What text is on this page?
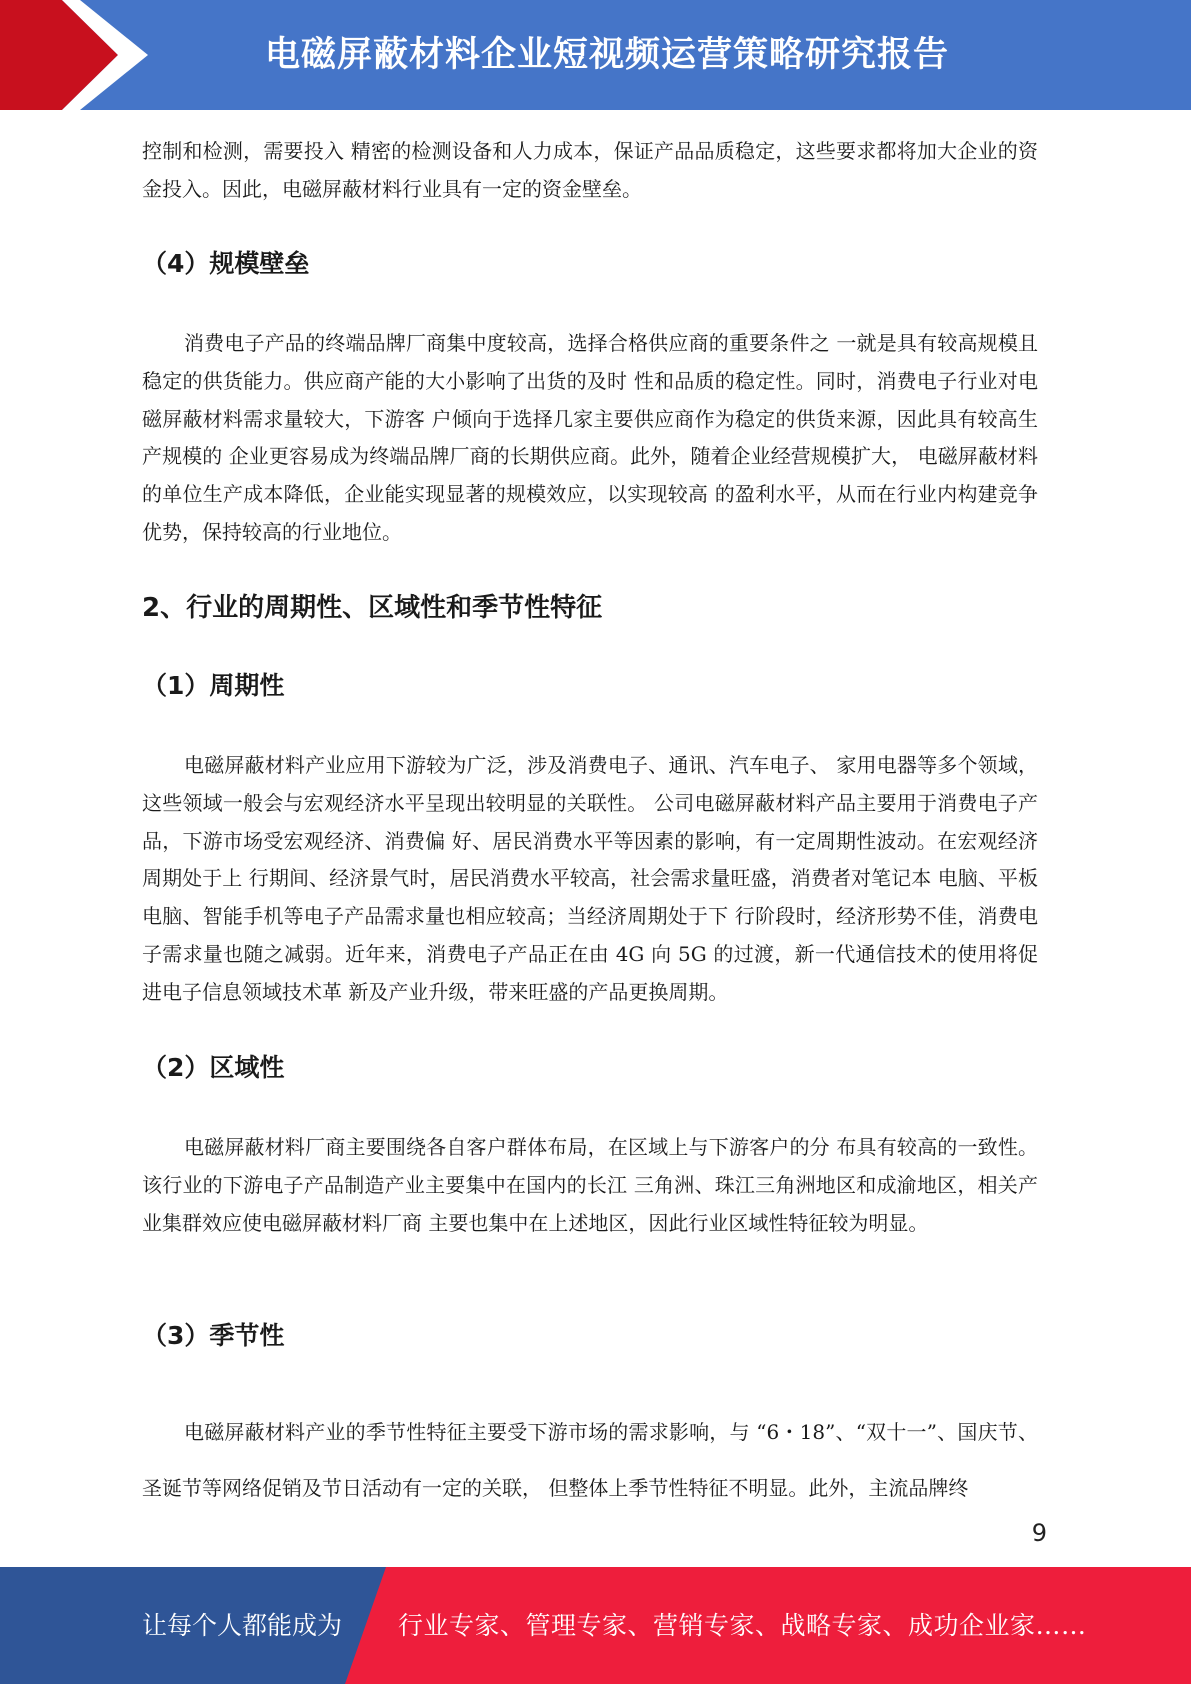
电磁屏蔽材料企业短视频运营策略研究报告

控制和检测，需要投入 精密的检测设备和人力成本，保证产品品质稳定，这些要求都将加大企业的资 金投入。因此，电磁屏蔽材料行业具有一定的资金壁垒。

（4）规模壁垒

消费电子产品的终端品牌厂商集中度较高，选择合格供应商的重要条件之 一就是具有较高规模且稳定的供货能力。供应商产能的大小影响了出货的及时 性和品质的稳定性。同时，消费电子行业对电磁屏蔽材料需求量较大，下游客 户倾向于选择几家主要供应商作为稳定的供货来源，因此具有较高生产规模的 企业更容易成为终端品牌厂商的长期供应商。此外，随着企业经营规模扩大， 电磁屏蔽材料的单位生产成本降低，企业能实现显著的规模效应，以实现较高 的盈利水平，从而在行业内构建竞争优势，保持较高的行业地位。

2、行业的周期性、区域性和季节性特征
（1）周期性

电磁屏蔽材料产业应用下游较为广泛，涉及消费电子、通讯、汽车电子、 家用电器等多个领域，这些领域一般会与宏观经济水平呈现出较明显的关联性。 公司电磁屏蔽材料产品主要用于消费电子产品，下游市场受宏观经济、消费偏 好、居民消费水平等因素的影响，有一定周期性波动。在宏观经济周期处于上 行期间、经济景气时，居民消费水平较高，社会需求量旺盛，消费者对笔记本 电脑、平板电脑、智能手机等电子产品需求量也相应较高；当经济周期处于下 行阶段时，经济形势不佳，消费电子需求量也随之减弱。近年来，消费电子产品正在由 4G 向 5G 的过渡，新一代通信技术的使用将促进电子信息领域技术革 新及产业升级，带来旺盛的产品更换周期。

（2）区域性

电磁屏蔽材料厂商主要围绕各自客户群体布局，在区域上与下游客户的分 布具有较高的一致性。该行业的下游电子产品制造产业主要集中在国内的长江 三角洲、珠江三角洲地区和成渝地区，相关产业集群效应使电磁屏蔽材料厂商 主要也集中在上述地区，因此行业区域性特征较为明显。

（3）季节性

电磁屏蔽材料产业的季节性特征主要受下游市场的需求影响，与 “6・18”、“双十一”、国庆节、圣诞节等网络促销及节日活动有一定的关联， 但整体上季节性特征不明显。此外，主流品牌终

9
让每个人都能成为 行业专家、管理专家、营销专家、战略专家、成功企业家……
